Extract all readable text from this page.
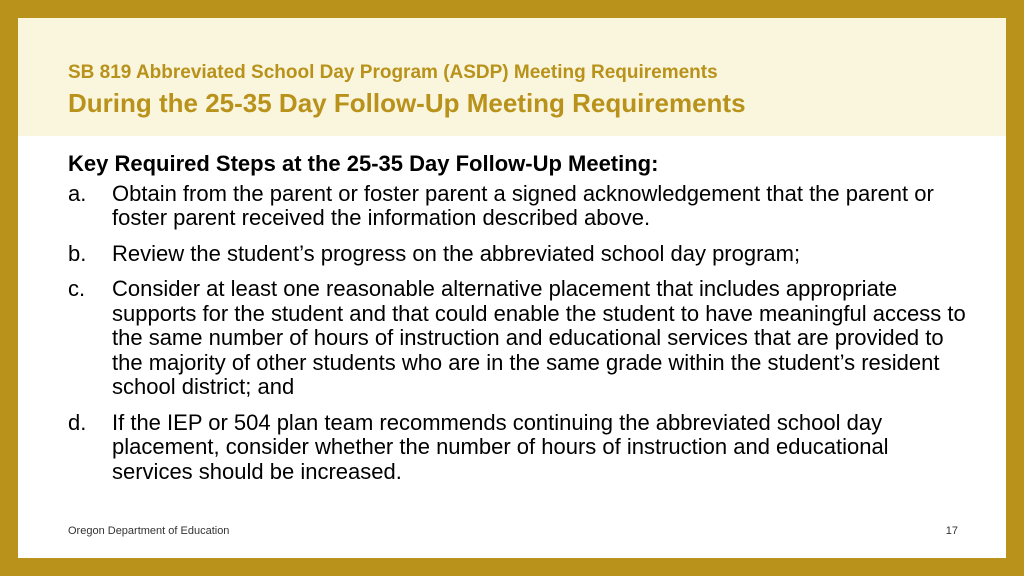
SB 819 Abbreviated School Day Program (ASDP) Meeting Requirements
During the 25-35 Day Follow-Up Meeting Requirements

Key Required Steps at the 25-35 Day Follow-Up Meeting:

a.	Obtain from the parent or foster parent a signed acknowledgement that the parent or foster parent received the information described above.
b.	Review the student’s progress on the abbreviated school day program;
c.	Consider at least one reasonable alternative placement that includes appropriate supports for the student and that could enable the student to have meaningful access to the same number of hours of instruction and educational services that are provided to the majority of other students who are in the same grade within the student’s resident school district; and
d.	If the IEP or 504 plan team recommends continuing the abbreviated school day placement, consider whether the number of hours of instruction and educational services should be increased.
Oregon Department of Education	17
